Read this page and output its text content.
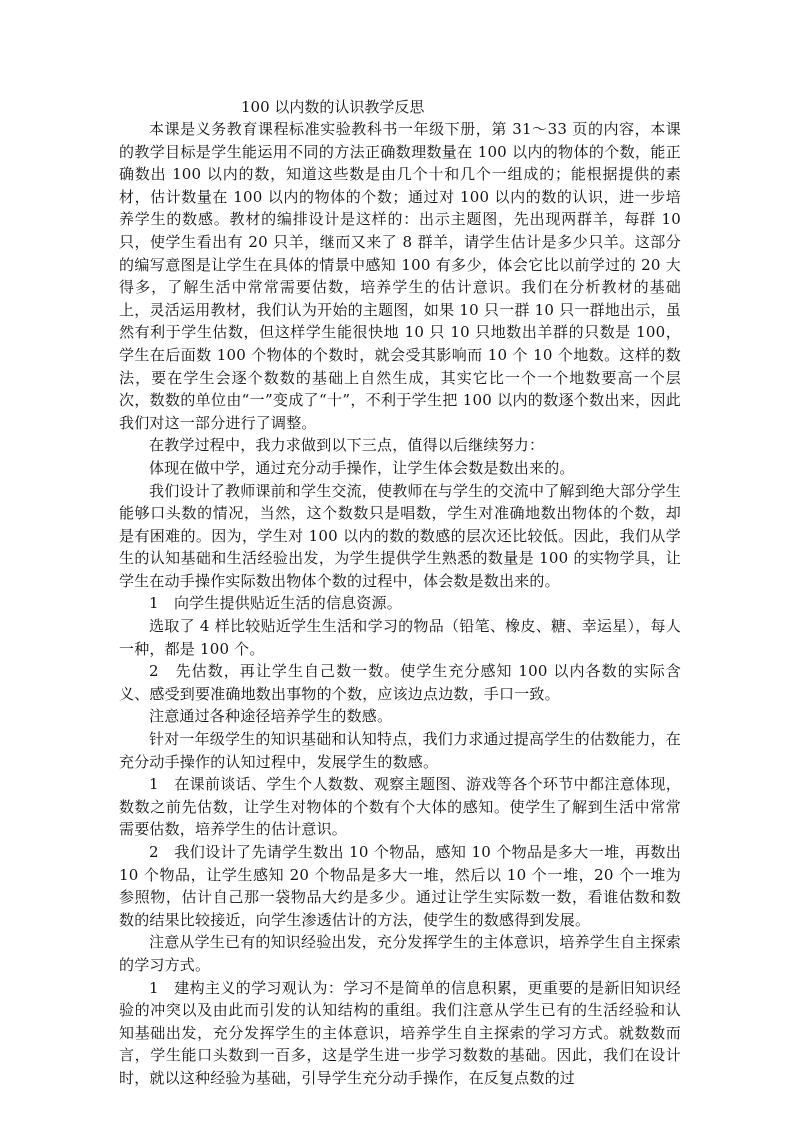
100 以内数的认识教学反思

本课是义务教育课程标准实验教科书一年级下册，第 31～33 页的内容，本课的教学目标是学生能运用不同的方法正确数理数量在 100 以内的物体的个数，能正确数出 100 以内的数，知道这些数是由几个十和几个一组成的；能根据提供的素材，估计数量在 100 以内的物体的个数；通过对 100 以内的数的认识，进一步培养学生的数感。教材的编排设计是这样的：出示主题图，先出现两群羊，每群 10 只，使学生看出有 20 只羊，继而又来了 8 群羊，请学生估计是多少只羊。这部分的编写意图是让学生在具体的情景中感知 100 有多少，体会它比以前学过的 20 大得多，了解生活中常常需要估数，培养学生的估计意识。我们在分析教材的基础上，灵活运用教材，我们认为开始的主题图，如果 10 只一群 10 只一群地出示，虽然有利于学生估数，但这样学生能很快地 10 只 10 只地数出羊群的只数是 100，学生在后面数 100 个物体的个数时，就会受其影响而 10 个 10 个地数。这样的数法，要在学生会逐个数数的基础上自然生成，其实它比一个一个地数要高一个层次，数数的单位由“一”变成了“十”，不利于学生把 100 以内的数逐个数出来，因此我们对这一部分进行了调整。

在教学过程中，我力求做到以下三点，值得以后继续努力：

体现在做中学，通过充分动手操作，让学生体会数是数出来的。

我们设计了教师课前和学生交流，使教师在与学生的交流中了解到绝大部分学生能够口头数的情况，当然，这个数数只是唱数，学生对准确地数出物体的个数，却是有困难的。因为，学生对 100 以内的数的数感的层次还比较低。因此，我们从学生的认知基础和生活经验出发，为学生提供学生熟悉的数量是 100 的实物学具，让学生在动手操作实际数出物体个数的过程中，体会数是数出来的。

1　向学生提供贴近生活的信息资源。

选取了 4 样比较贴近学生生活和学习的物品（铅笔、橡皮、糖、幸运星），每人一种，都是 100 个。

2　先估数，再让学生自己数一数。使学生充分感知 100 以内各数的实际含义、感受到要准确地数出事物的个数，应该边点边数，手口一致。

注意通过各种途径培养学生的数感。

针对一年级学生的知识基础和认知特点，我们力求通过提高学生的估数能力，在充分动手操作的认知过程中，发展学生的数感。

1　在课前谈话、学生个人数数、观察主题图、游戏等各个环节中都注意体现，数数之前先估数，让学生对物体的个数有个大体的感知。使学生了解到生活中常常需要估数，培养学生的估计意识。

2　我们设计了先请学生数出 10 个物品，感知 10 个物品是多大一堆，再数出 10 个物品，让学生感知 20 个物品是多大一堆，然后以 10 个一堆，20 个一堆为参照物，估计自己那一袋物品大约是多少。通过让学生实际数一数，看谁估数和数数的结果比较接近，向学生渗透估计的方法，使学生的数感得到发展。

注意从学生已有的知识经验出发，充分发挥学生的主体意识，培养学生自主探索的学习方式。

1　建构主义的学习观认为：学习不是简单的信息积累，更重要的是新旧知识经验的冲突以及由此而引发的认知结构的重组。我们注意从学生已有的生活经验和认知基础出发，充分发挥学生的主体意识，培养学生自主探索的学习方式。就数数而言，学生能口头数到一百多，这是学生进一步学习数数的基础。因此，我们在设计时，就以这种经验为基础，引导学生充分动手操作，在反复点数的过
